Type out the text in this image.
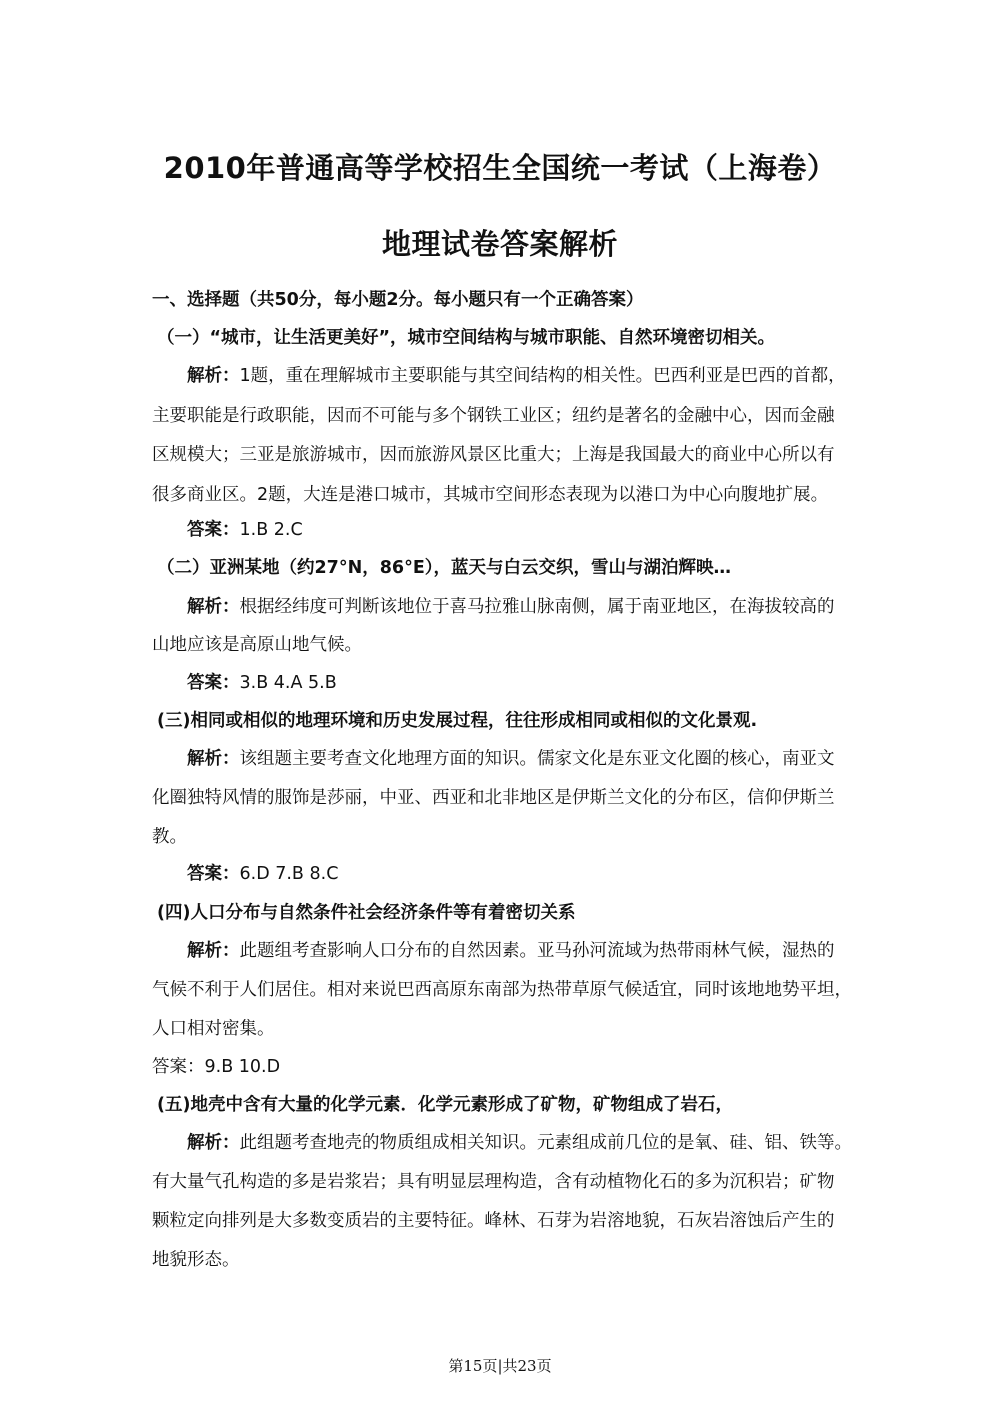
2010年普通高等学校招生全国统一考试（上海卷）
地理试卷答案解析
一、选择题（共50分，每小题2分。每小题只有一个正确答案）
（一）“城市，让生活更美好”，城市空间结构与城市职能、自然环境密切相关。
解析：1题，重在理解城市主要职能与其空间结构的相关性。巴西利亚是巴西的首都，
主要职能是行政职能，因而不可能与多个钢铁工业区；纽约是著名的金融中心，因而金融
区规模大；三亚是旅游城市，因而旅游风景区比重大；上海是我国最大的商业中心所以有
很多商业区。2题，大连是港口城市，其城市空间形态表现为以港口为中心向腹地扩展。
答案：1.B 2.C
（二）亚洲某地（约27°N，86°E），蓝天与白云交织，雪山与湖泊辉映…
解析：根据经纬度可判断该地位于喜马拉雅山脉南侧，属于南亚地区，在海拔较高的
山地应该是高原山地气候。
答案：3.B 4.A 5.B
(三)相同或相似的地理环境和历史发展过程，往往形成相同或相似的文化景观.
解析：该组题主要考查文化地理方面的知识。儒家文化是东亚文化圈的核心，南亚文
化圈独特风情的服饰是莎丽，中亚、西亚和北非地区是伊斯兰文化的分布区，信仰伊斯兰
教。
答案：6.D 7.B 8.C
(四)人口分布与自然条件社会经济条件等有着密切关系
解析：此题组考查影响人口分布的自然因素。亚马孙河流域为热带雨林气候，湿热的
气候不利于人们居住。相对来说巴西高原东南部为热带草原气候适宜，同时该地地势平坦，
人口相对密集。
答案：9.B 10.D
(五)地壳中含有大量的化学元素．化学元素形成了矿物，矿物组成了岩石，
解析：此组题考查地壳的物质组成相关知识。元素组成前几位的是氧、硅、铝、铁等。
有大量气孔构造的多是岩浆岩；具有明显层理构造，含有动植物化石的多为沉积岩；矿物
颗粒定向排列是大多数变质岩的主要特征。峰林、石芽为岩溶地貌，石灰岩溶蚀后产生的
地貌形态。
第15页|共23页
